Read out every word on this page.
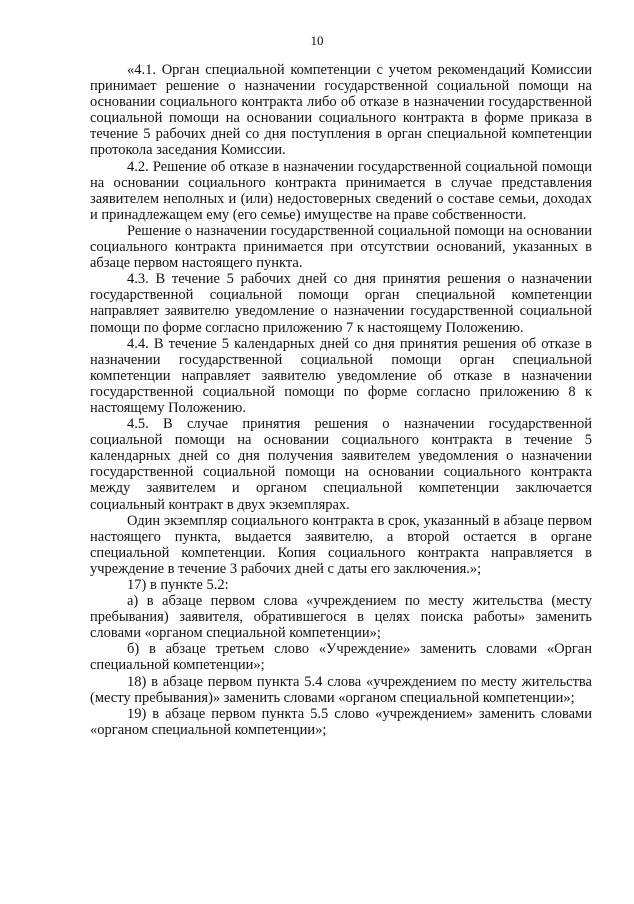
10

«4.1. Орган специальной компетенции с учетом рекомендаций Комиссии принимает решение о назначении государственной социальной помощи на основании социального контракта либо об отказе в назначении государственной социальной помощи на основании социального контракта в форме приказа в течение 5 рабочих дней со дня поступления в орган специальной компетенции протокола заседания Комиссии.

4.2. Решение об отказе в назначении государственной социальной помощи на основании социального контракта принимается в случае представления заявителем неполных и (или) недостоверных сведений о составе семьи, доходах и принадлежащем ему (его семье) имуществе на праве собственности.

Решение о назначении государственной социальной помощи на основании социального контракта принимается при отсутствии оснований, указанных в абзаце первом настоящего пункта.

4.3. В течение 5 рабочих дней со дня принятия решения о назначении государственной социальной помощи орган специальной компетенции направляет заявителю уведомление о назначении государственной социальной помощи по форме согласно приложению 7 к настоящему Положению.

4.4. В течение 5 календарных дней со дня принятия решения об отказе в назначении государственной социальной помощи орган специальной компетенции направляет заявителю уведомление об отказе в назначении государственной социальной помощи по форме согласно приложению 8 к настоящему Положению.

4.5. В случае принятия решения о назначении государственной социальной помощи на основании социального контракта в течение 5 календарных дней со дня получения заявителем уведомления о назначении государственной социальной помощи на основании социального контракта между заявителем и органом специальной компетенции заключается социальный контракт в двух экземплярах.

Один экземпляр социального контракта в срок, указанный в абзаце первом настоящего пункта, выдается заявителю, а второй остается в органе специальной компетенции. Копия социального контракта направляется в учреждение в течение 3 рабочих дней с даты его заключения.»;

17) в пункте 5.2:

а) в абзаце первом слова «учреждением по месту жительства (месту пребывания) заявителя, обратившегося в целях поиска работы» заменить словами «органом специальной компетенции»;

б) в абзаце третьем слово «Учреждение» заменить словами «Орган специальной компетенции»;

18) в абзаце первом пункта 5.4 слова «учреждением по месту жительства (месту пребывания)» заменить словами «органом специальной компетенции»;

19) в абзаце первом пункта 5.5 слово «учреждением» заменить словами «органом специальной компетенции»;
